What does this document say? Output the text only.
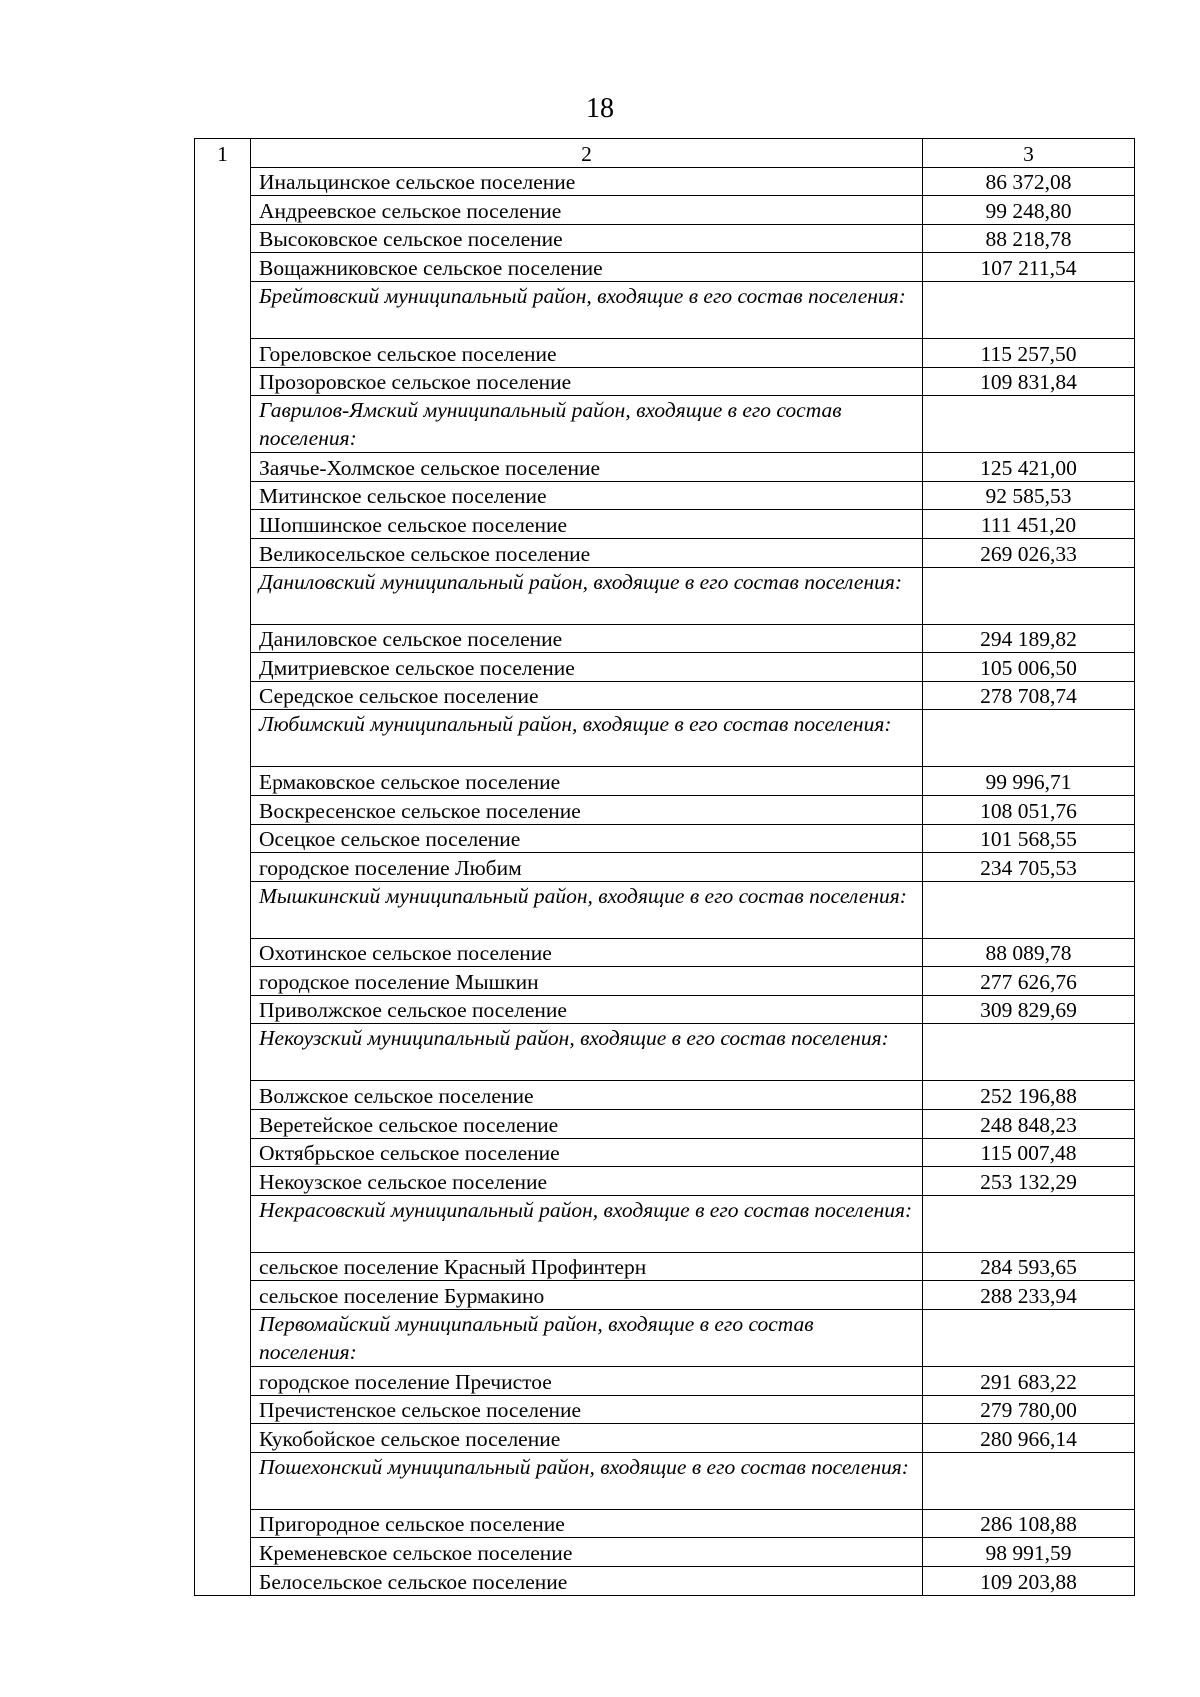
18
1	2	3
	Инальцинское сельское поселение	86 372,08
	Андреевское сельское поселение	99 248,80
	Высоковское сельское поселение	88 218,78
	Вощажниковское сельское поселение	107 211,54
	Брейтовский муниципальный район, входящие в его состав поселения:	
	Гореловское сельское поселение	115 257,50
	Прозоровское сельское поселение	109 831,84
	Гаврилов-Ямский муниципальный район, входящие в его состав поселения:	
	Заячье-Холмское сельское поселение	125 421,00
	Митинское сельское поселение	92 585,53
	Шопшинское сельское поселение	111 451,20
	Великосельское сельское поселение	269 026,33
	Даниловский муниципальный район, входящие в его состав поселения:	
	Даниловское сельское поселение	294 189,82
	Дмитриевское сельское поселение	105 006,50
	Середское сельское поселение	278 708,74
	Любимский муниципальный район, входящие в его состав поселения:	
	Ермаковское сельское поселение	99 996,71
	Воскресенское сельское поселение	108 051,76
	Осецкое сельское поселение	101 568,55
	городское поселение Любим	234 705,53
	Мышкинский муниципальный район, входящие в его состав поселения:	
	Охотинское сельское поселение	88 089,78
	городское поселение Мышкин	277 626,76
	Приволжское сельское поселение	309 829,69
	Некоузский муниципальный район, входящие в его состав поселения:	
	Волжское сельское поселение	252 196,88
	Веретейское сельское поселение	248 848,23
	Октябрьское сельское поселение	115 007,48
	Некоузское сельское поселение	253 132,29
	Некрасовский муниципальный район, входящие в его состав поселения:	
	сельское поселение Красный Профинтерн	284 593,65
	сельское поселение Бурмакино	288 233,94
	Первомайский муниципальный район, входящие в его состав поселения:	
	городское поселение Пречистое	291 683,22
	Пречистенское сельское поселение	279 780,00
	Кукобойское сельское поселение	280 966,14
	Пошехонский муниципальный район, входящие в его состав поселения:	
	Пригородное сельское поселение	286 108,88
	Кременевское сельское поселение	98 991,59
	Белосельское сельское поселение	109 203,88
